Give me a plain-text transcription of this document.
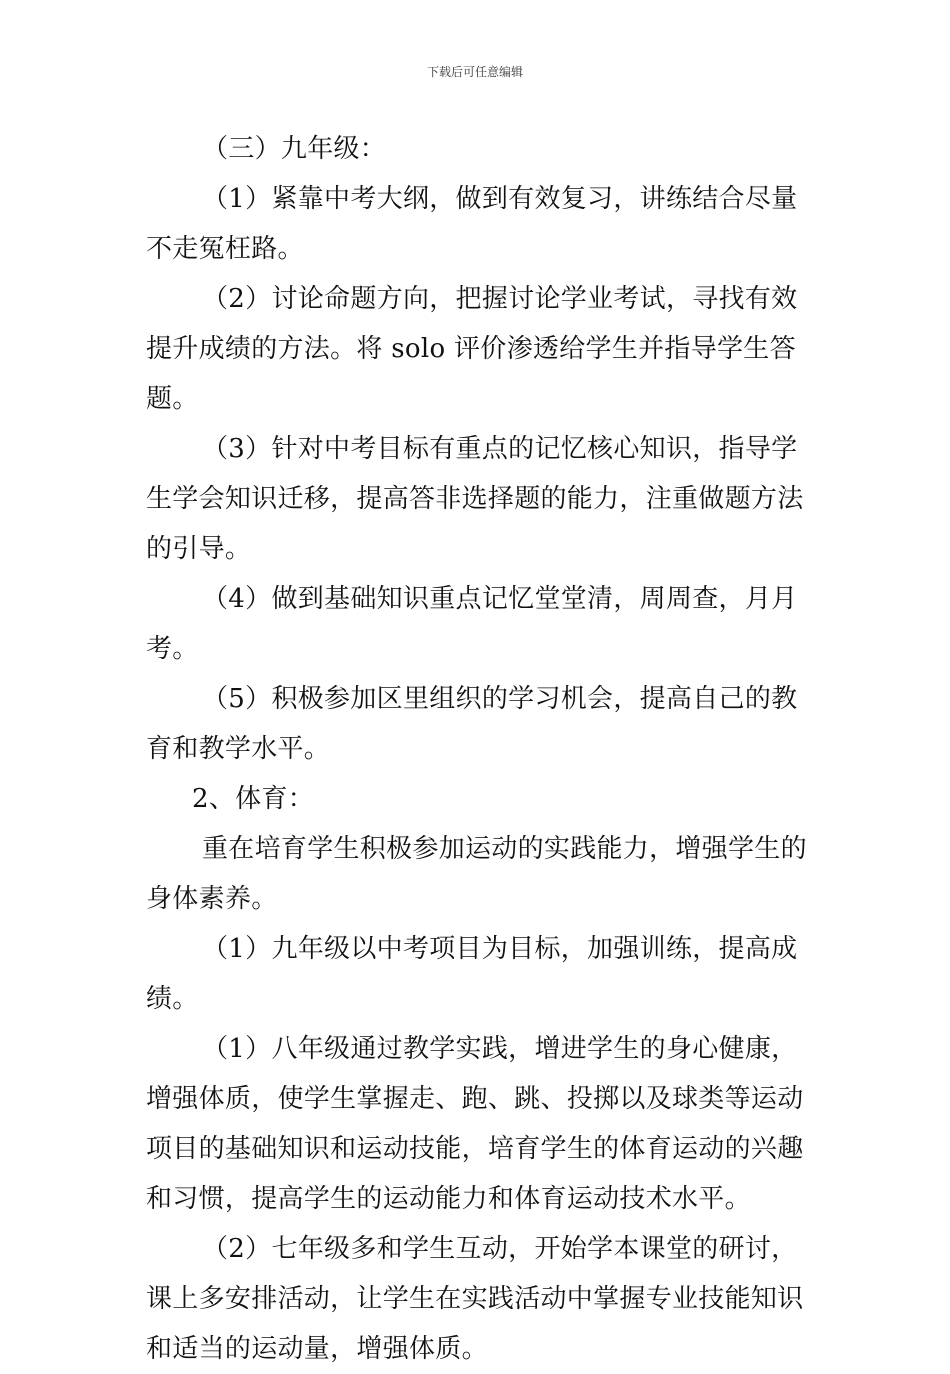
下载后可任意编辑

（三）九年级：

（1）紧靠中考大纲，做到有效复习，讲练结合尽量不走冤枉路。

（2）讨论命题方向，把握讨论学业考试，寻找有效提升成绩的方法。将 solo 评价渗透给学生并指导学生答题。

（3）针对中考目标有重点的记忆核心知识，指导学生学会知识迁移，提高答非选择题的能力，注重做题方法的引导。

（4）做到基础知识重点记忆堂堂清，周周查，月月考。

（5）积极参加区里组织的学习机会，提高自己的教育和教学水平。

2、体育：

重在培育学生积极参加运动的实践能力，增强学生的身体素养。

（1）九年级以中考项目为目标，加强训练，提高成绩。

（1）八年级通过教学实践，增进学生的身心健康，增强体质，使学生掌握走、跑、跳、投掷以及球类等运动项目的基础知识和运动技能，培育学生的体育运动的兴趣和习惯，提高学生的运动能力和体育运动技术水平。

（2）七年级多和学生互动，开始学本课堂的研讨，课上多安排活动，让学生在实践活动中掌握专业技能知识和适当的运动量，增强体质。
